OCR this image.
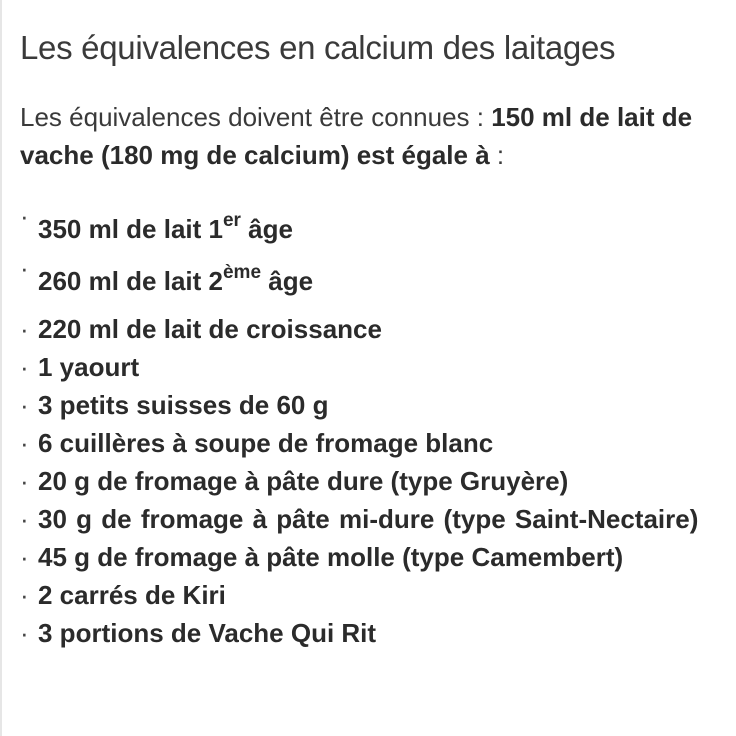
Les équivalences en calcium des laitages

Les équivalences doivent être connues : 150 ml de lait de vache (180 mg de calcium) est égale à :

· 350 ml de lait 1er âge
· 260 ml de lait 2ème âge
· 220 ml de lait de croissance
· 1 yaourt
· 3 petits suisses de 60 g
· 6 cuillères à soupe de fromage blanc
· 20 g de fromage à pâte dure (type Gruyère)
· 30 g de fromage à pâte mi-dure (type Saint-Nectaire)
· 45 g de fromage à pâte molle (type Camembert)
· 2 carrés de Kiri
· 3 portions de Vache Qui Rit
